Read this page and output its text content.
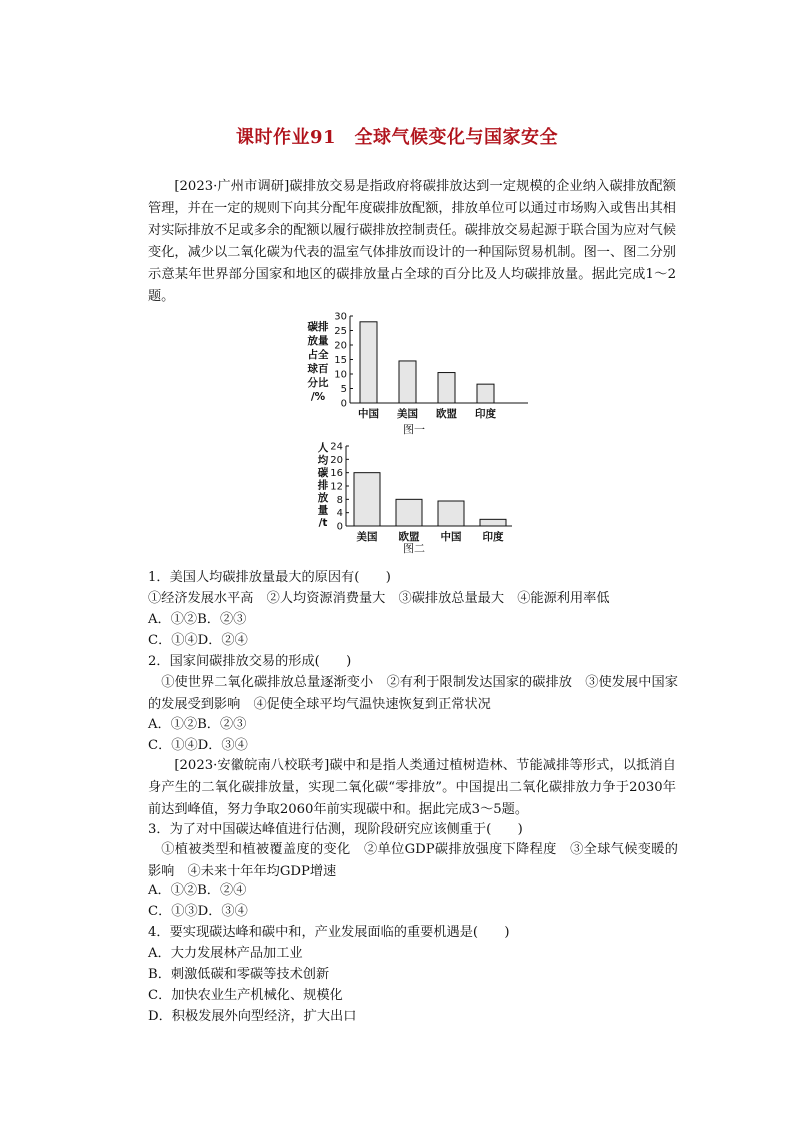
课时作业91　全球气候变化与国家安全

[2023·广州市调研]碳排放交易是指政府将碳排放达到一定规模的企业纳入碳排放配额管理，并在一定的规则下向其分配年度碳排放配额，排放单位可以通过市场购入或售出其相对实际排放不足或多余的配额以履行碳排放控制责任。碳排放交易起源于联合国为应对气候变化，减少以二氧化碳为代表的温室气体排放而设计的一种国际贸易机制。图一、图二分别示意某年世界部分国家和地区的碳排放量占全球的百分比及人均碳排放量。据此完成1～2题。

碳排
放量
占全
球百
分比
/%
30
25
20
15
10
5
0
中国 美国 欧盟 印度
图一
人
均
碳
排
放
量
/t
24
20
16
12
8
4
0
美国 欧盟 中国 印度
图二
1．美国人均碳排放量最大的原因有(　　)
①经济发展水平高　②人均资源消费量大　③碳排放总量最大　④能源利用率低
A．①②B．②③
C．①④D．②④
2．国家间碳排放交易的形成(　　)
①使世界二氧化碳排放总量逐渐变小　②有利于限制发达国家的碳排放　③使发展中国家的发展受到影响　④促使全球平均气温快速恢复到正常状况
A．①②B．②③
C．①④D．③④

[2023·安徽皖南八校联考]碳中和是指人类通过植树造林、节能减排等形式，以抵消自身产生的二氧化碳排放量，实现二氧化碳“零排放”。中国提出二氧化碳排放力争于2030年前达到峰值，努力争取2060年前实现碳中和。据此完成3～5题。

3．为了对中国碳达峰值进行估测，现阶段研究应该侧重于(　　)
①植被类型和植被覆盖度的变化　②单位GDP碳排放强度下降程度　③全球气候变暖的影响　④未来十年年均GDP增速
A．①②B．②④
C．①③D．③④
4．要实现碳达峰和碳中和，产业发展面临的重要机遇是(　　)
A．大力发展林产品加工业
B．刺激低碳和零碳等技术创新
C．加快农业生产机械化、规模化
D．积极发展外向型经济，扩大出口
